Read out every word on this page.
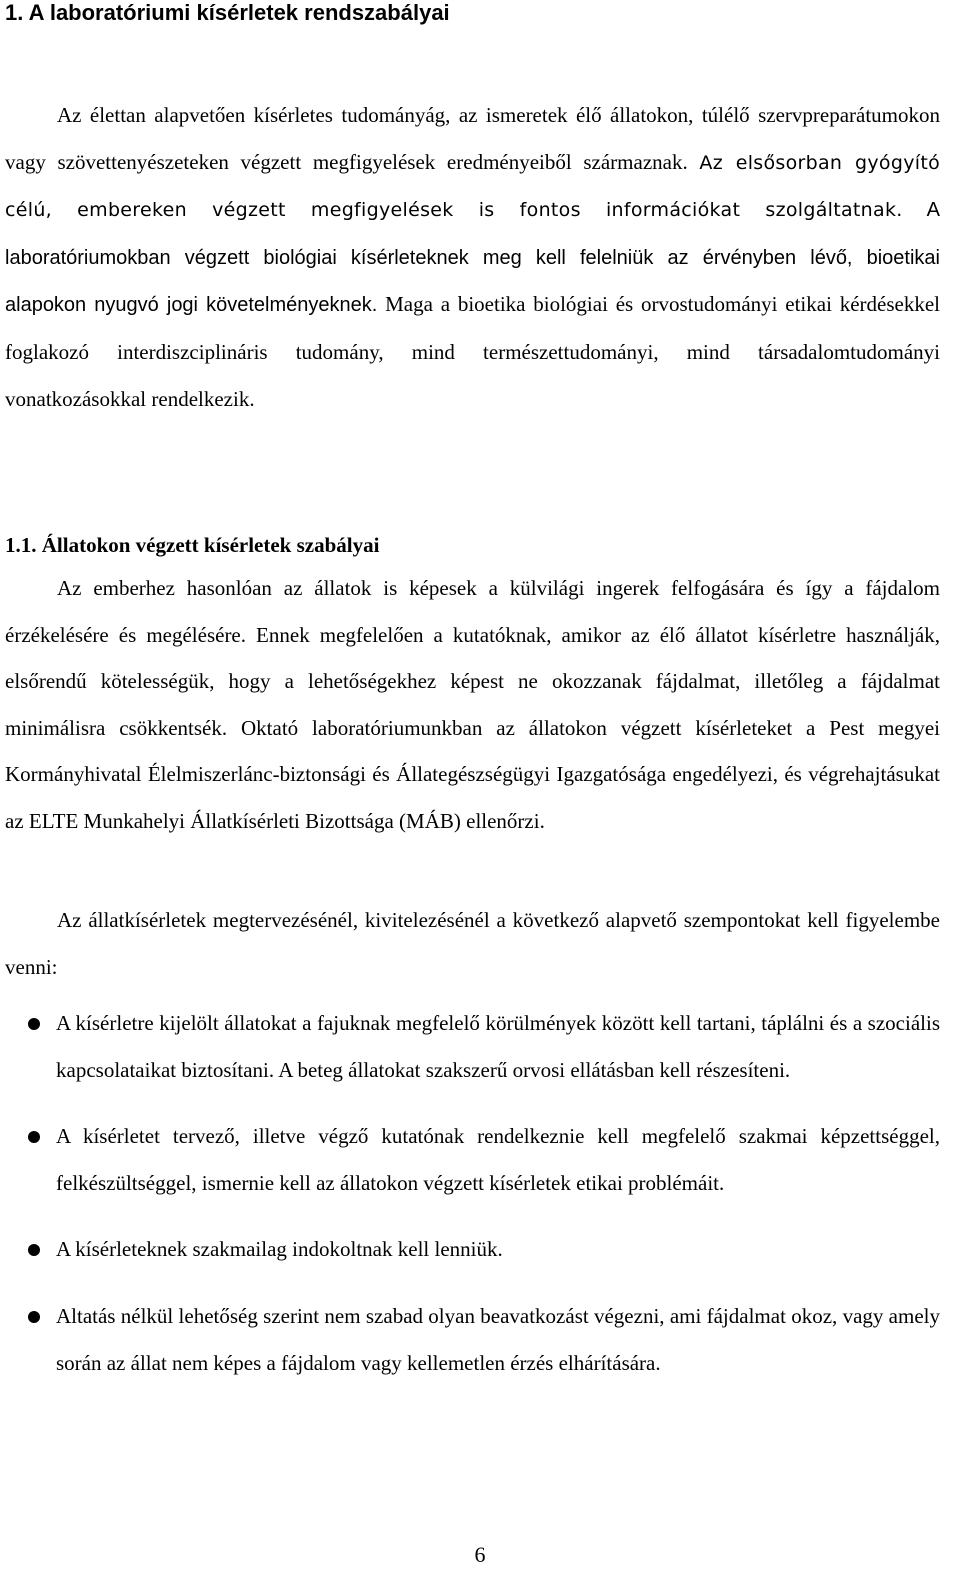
1. A laboratóriumi kísérletek rendszabályai

Az élettan alapvetően kísérletes tudományág, az ismeretek élő állatokon, túlélő szervpreparátumokon vagy szövettenyészeteken végzett megfigyelések eredményeiből származnak. Az elsősorban gyógyító célú, embereken végzett megfigyelések is fontos információkat szolgáltatnak. A laboratóriumokban végzett biológiai kísérleteknek meg kell felelniük az érvényben lévő, bioetikai alapokon nyugvó jogi követelményeknek. Maga a bioetika biológiai és orvostudományi etikai kérdésekkel foglakozó interdiszciplináris tudomány, mind természettudományi, mind társadalomtudományi vonatkozásokkal rendelkezik.

1.1. Állatokon végzett kísérletek szabályai

Az emberhez hasonlóan az állatok is képesek a külvilági ingerek felfogására és így a fájdalom érzékelésére és megélésére. Ennek megfelelően a kutatóknak, amikor az élő állatot kísérletre használják, elsőrendű kötelességük, hogy a lehetőségekhez képest ne okozzanak fájdalmat, illetőleg a fájdalmat minimálisra csökkentsék. Oktató laboratóriumunkban az állatokon végzett kísérleteket a Pest megyei Kormányhivatal Élelmiszerlánc-biztonsági és Állategészségügyi Igazgatósága engedélyezi, és végrehajtásukat az ELTE Munkahelyi Állatkísérleti Bizottsága (MÁB) ellenőrzi.

Az állatkísérletek megtervezésénél, kivitelezésénél a következő alapvető szempontokat kell figyelembe venni:

A kísérletre kijelölt állatokat a fajuknak megfelelő körülmények között kell tartani, táplálni és a szociális kapcsolataikat biztosítani. A beteg állatokat szakszerű orvosi ellátásban kell részesíteni.
A kísérletet tervező, illetve végző kutatónak rendelkeznie kell megfelelő szakmai képzettséggel, felkészültséggel, ismernie kell az állatokon végzett kísérletek etikai problémáit.
A kísérleteknek szakmailag indokoltnak kell lenniük.
Altatás nélkül lehetőség szerint nem szabad olyan beavatkozást végezni, ami fájdalmat okoz, vagy amely során az állat nem képes a fájdalom vagy kellemetlen érzés elhárítására.
6
